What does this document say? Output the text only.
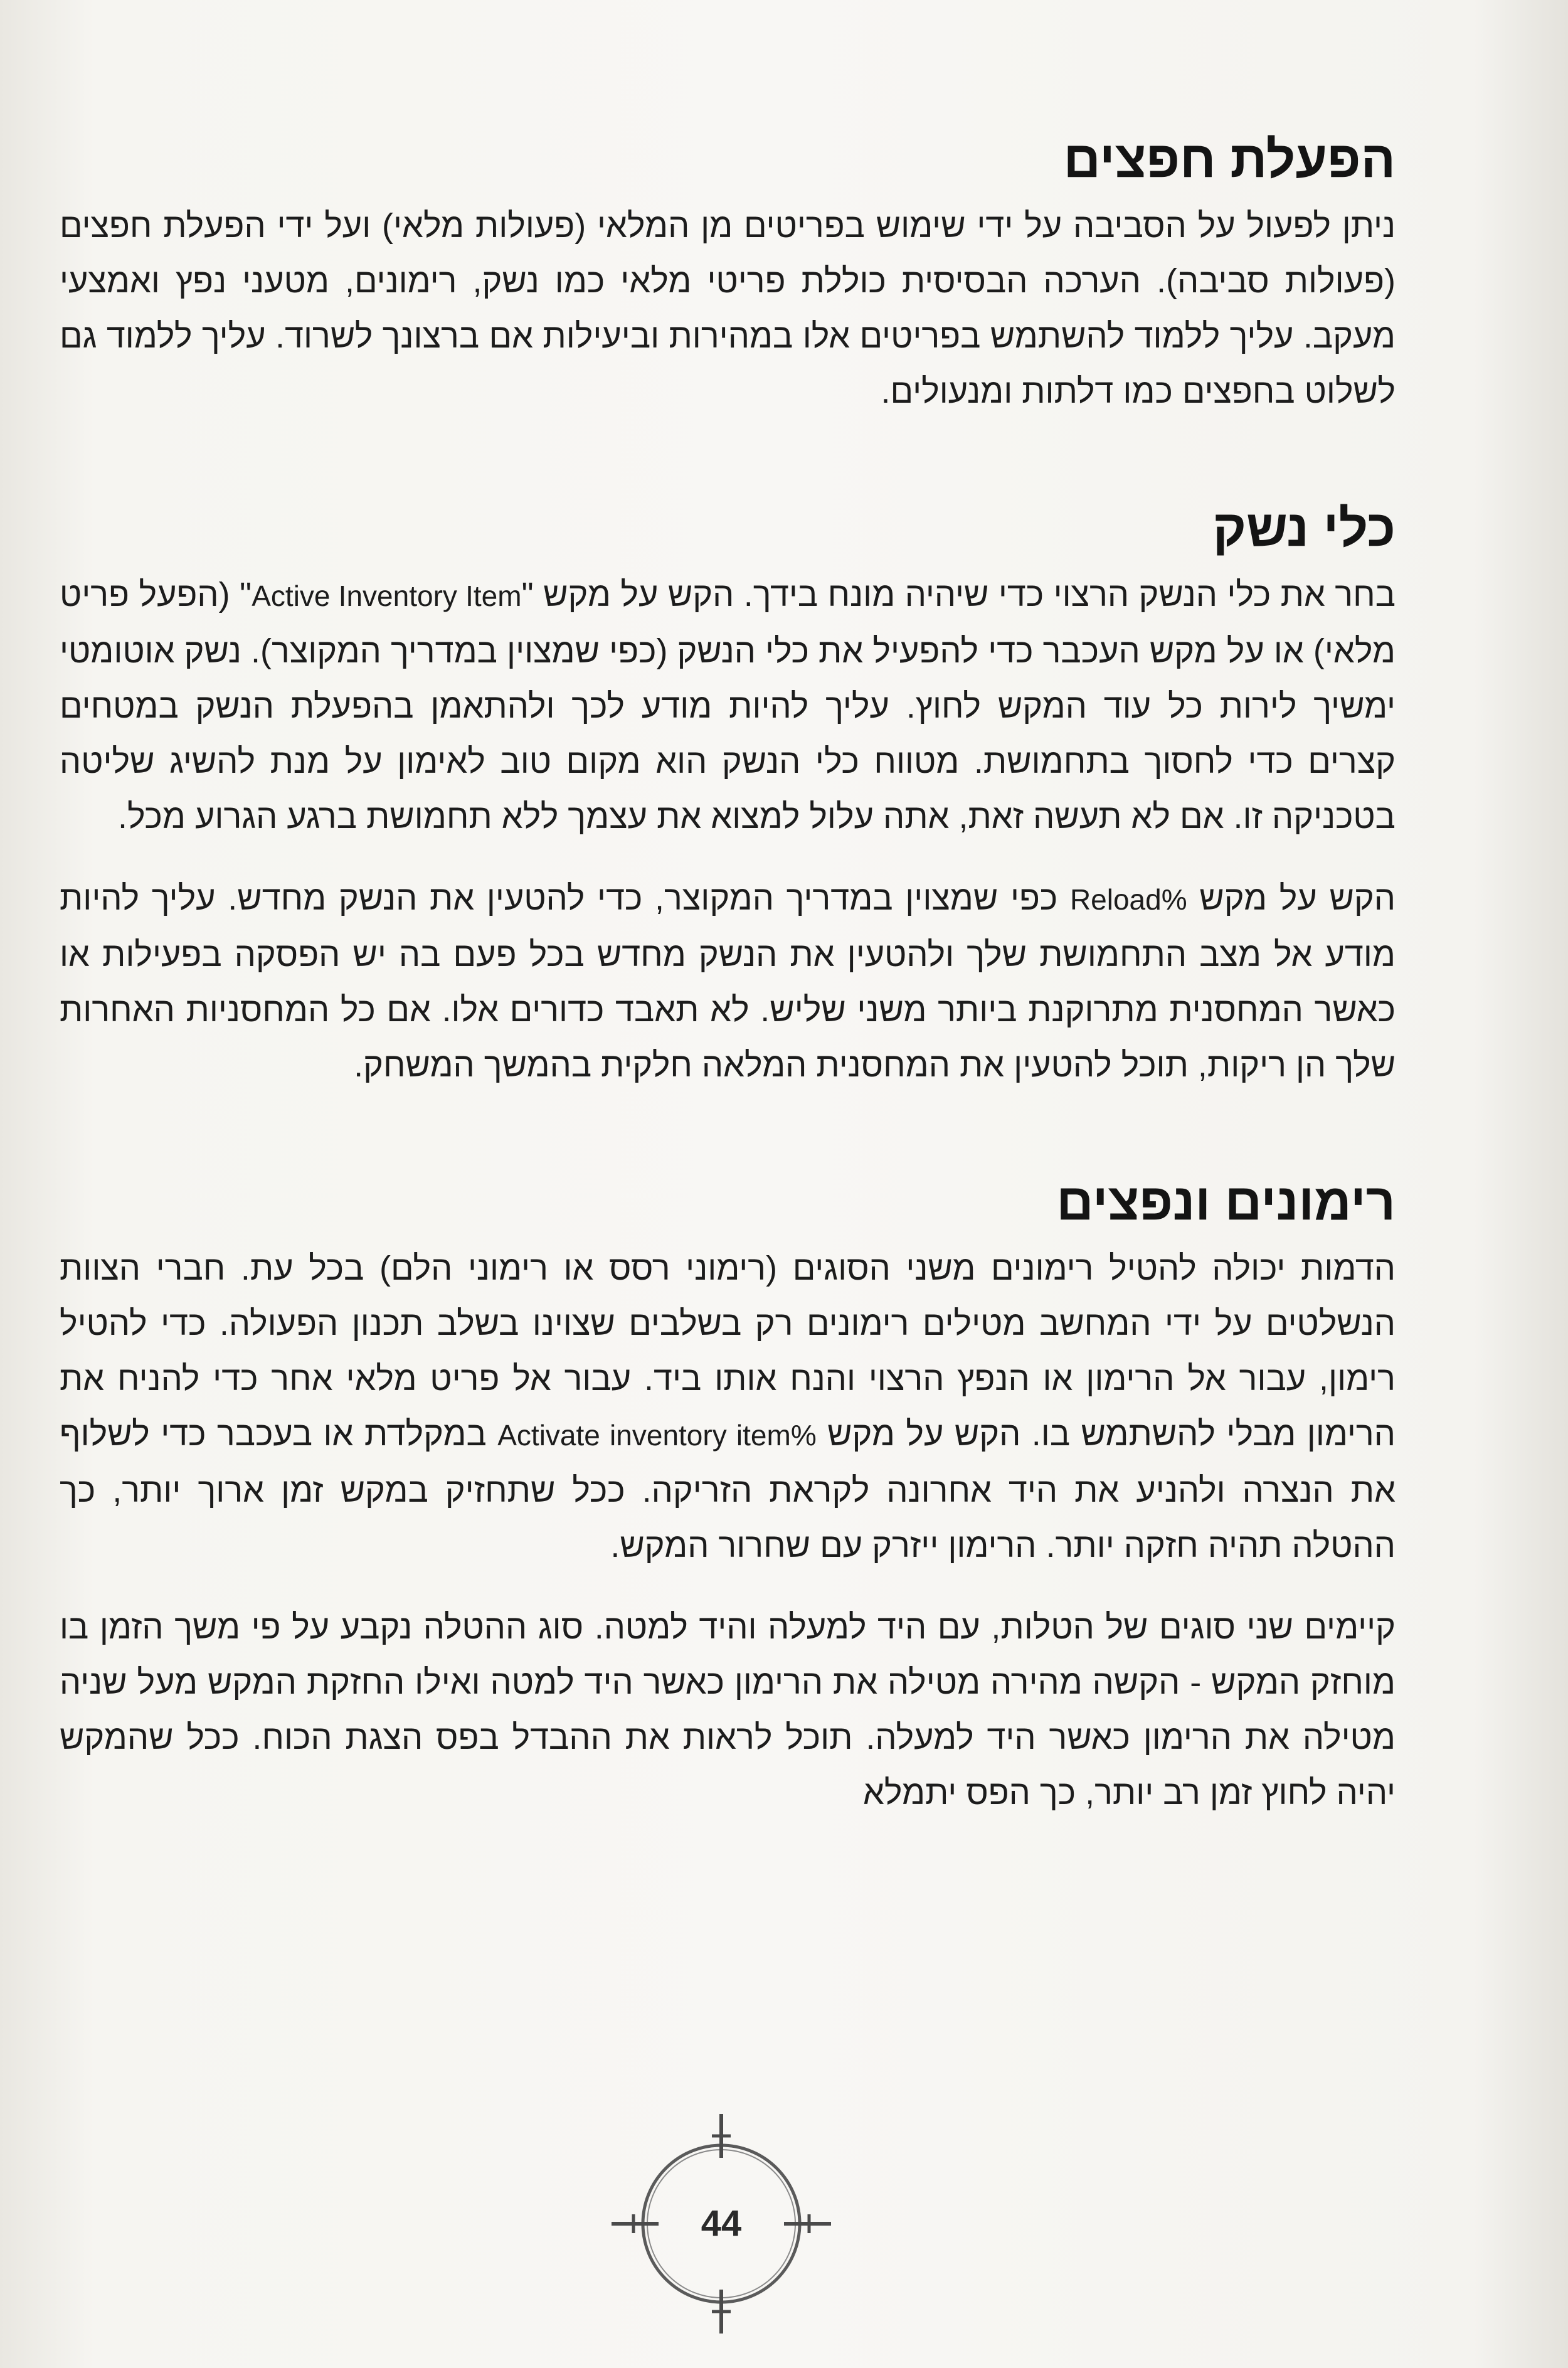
הפעלת חפצים

ניתן לפעול על הסביבה על ידי שימוש בפריטים מן המלאי (פעולות מלאי) ועל ידי הפעלת חפצים (פעולות סביבה). הערכה הבסיסית כוללת פריטי מלאי כמו נשק, רימונים, מטעני נפץ ואמצעי מעקב. עליך ללמוד להשתמש בפריטים אלו במהירות וביעילות אם ברצונך לשרוד. עליך ללמוד גם לשלוט בחפצים כמו דלתות ומנעולים.

כלי נשק

בחר את כלי הנשק הרצוי כדי שיהיה מונח בידך. הקש על מקש "Active Inventory Item" (הפעל פריט מלאי) או על מקש העכבר כדי להפעיל את כלי הנשק (כפי שמצוין במדריך המקוצר). נשק אוטומטי ימשיך לירות כל עוד המקש לחוץ. עליך להיות מודע לכך ולהתאמן בהפעלת הנשק במטחים קצרים כדי לחסוך בתחמושת. מטווח כלי הנשק הוא מקום טוב לאימון על מנת להשיג שליטה בטכניקה זו. אם לא תעשה זאת, אתה עלול למצוא את עצמך ללא תחמושת ברגע הגרוע מכל.

הקש על מקש Reload% כפי שמצוין במדריך המקוצר, כדי להטעין את הנשק מחדש. עליך להיות מודע אל מצב התחמושת שלך ולהטעין את הנשק מחדש בכל פעם בה יש הפסקה בפעילות או כאשר המחסנית מתרוקנת ביותר משני שליש. לא תאבד כדורים אלו. אם כל המחסניות האחרות שלך הן ריקות, תוכל להטעין את המחסנית המלאה חלקית בהמשך המשחק.

רימונים ונפצים

הדמות יכולה להטיל רימונים משני הסוגים (רימוני רסס או רימוני הלם) בכל עת. חברי הצוות הנשלטים על ידי המחשב מטילים רימונים רק בשלבים שצוינו בשלב תכנון הפעולה. כדי להטיל רימון, עבור אל הרימון או הנפץ הרצוי והנח אותו ביד. עבור אל פריט מלאי אחר כדי להניח את הרימון מבלי להשתמש בו. הקש על מקש Activate inventory item% במקלדת או בעכבר כדי לשלוף את הנצרה ולהניע את היד אחרונה לקראת הזריקה. ככל שתחזיק במקש זמן ארוך יותר, כך ההטלה תהיה חזקה יותר. הרימון ייזרק עם שחרור המקש.

קיימים שני סוגים של הטלות, עם היד למעלה והיד למטה. סוג ההטלה נקבע על פי משך הזמן בו מוחזק המקש - הקשה מהירה מטילה את הרימון כאשר היד למטה ואילו החזקת המקש מעל שניה מטילה את הרימון כאשר היד למעלה. תוכל לראות את ההבדל בפס הצגת הכוח. ככל שהמקש יהיה לחוץ זמן רב יותר, כך הפס יתמלא

44
